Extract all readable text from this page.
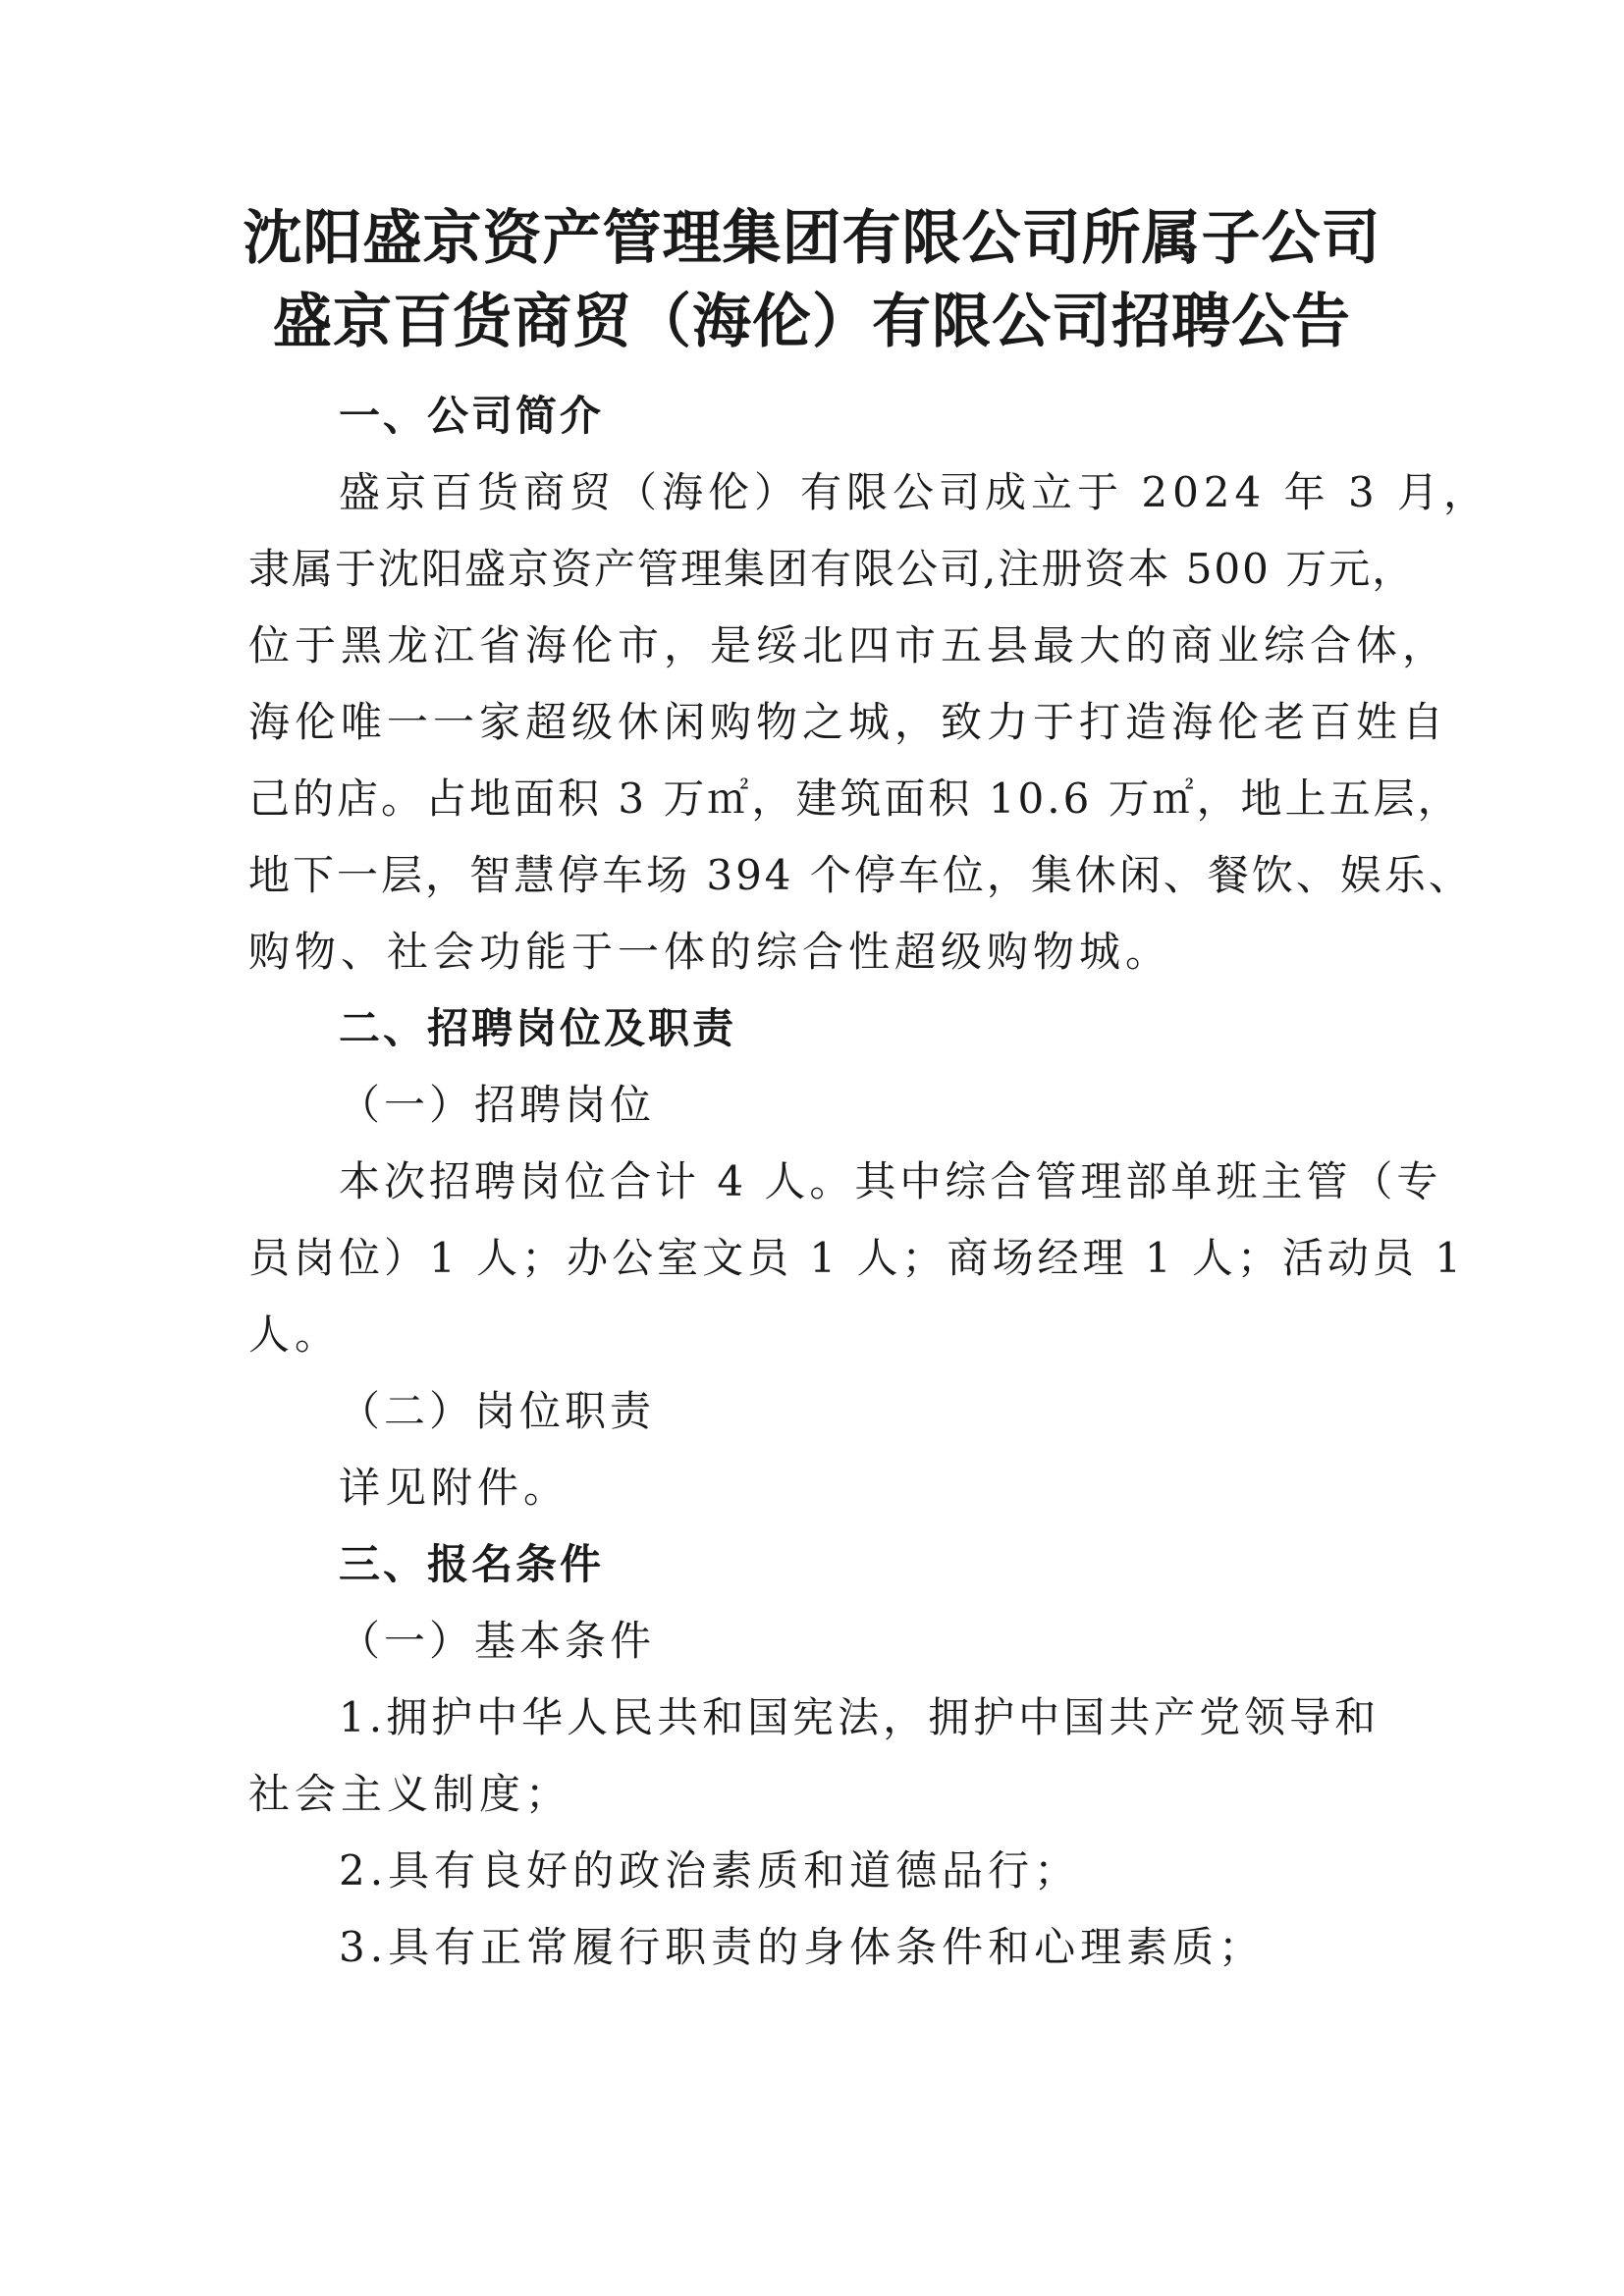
沈阳盛京资产管理集团有限公司所属子公司
盛京百货商贸（海伦）有限公司招聘公告
一、公司简介
盛京百货商贸（海伦）有限公司成立于 2024 年 3 月，
隶属于沈阳盛京资产管理集团有限公司,注册资本 500 万元，
位于黑龙江省海伦市，是绥北四市五县最大的商业综合体，
海伦唯一一家超级休闲购物之城，致力于打造海伦老百姓自
己的店。占地面积 3 万㎡，建筑面积 10.6 万㎡，地上五层，
地下一层，智慧停车场 394 个停车位，集休闲、餐饮、娱乐、
购物、社会功能于一体的综合性超级购物城。
二、招聘岗位及职责
（一）招聘岗位
本次招聘岗位合计 4 人。其中综合管理部单班主管（专
员岗位）1 人；办公室文员 1 人；商场经理 1 人；活动员 1
人。
（二）岗位职责
详见附件。
三、报名条件
（一）基本条件
1.拥护中华人民共和国宪法，拥护中国共产党领导和
社会主义制度；
2.具有良好的政治素质和道德品行；
3.具有正常履行职责的身体条件和心理素质；
